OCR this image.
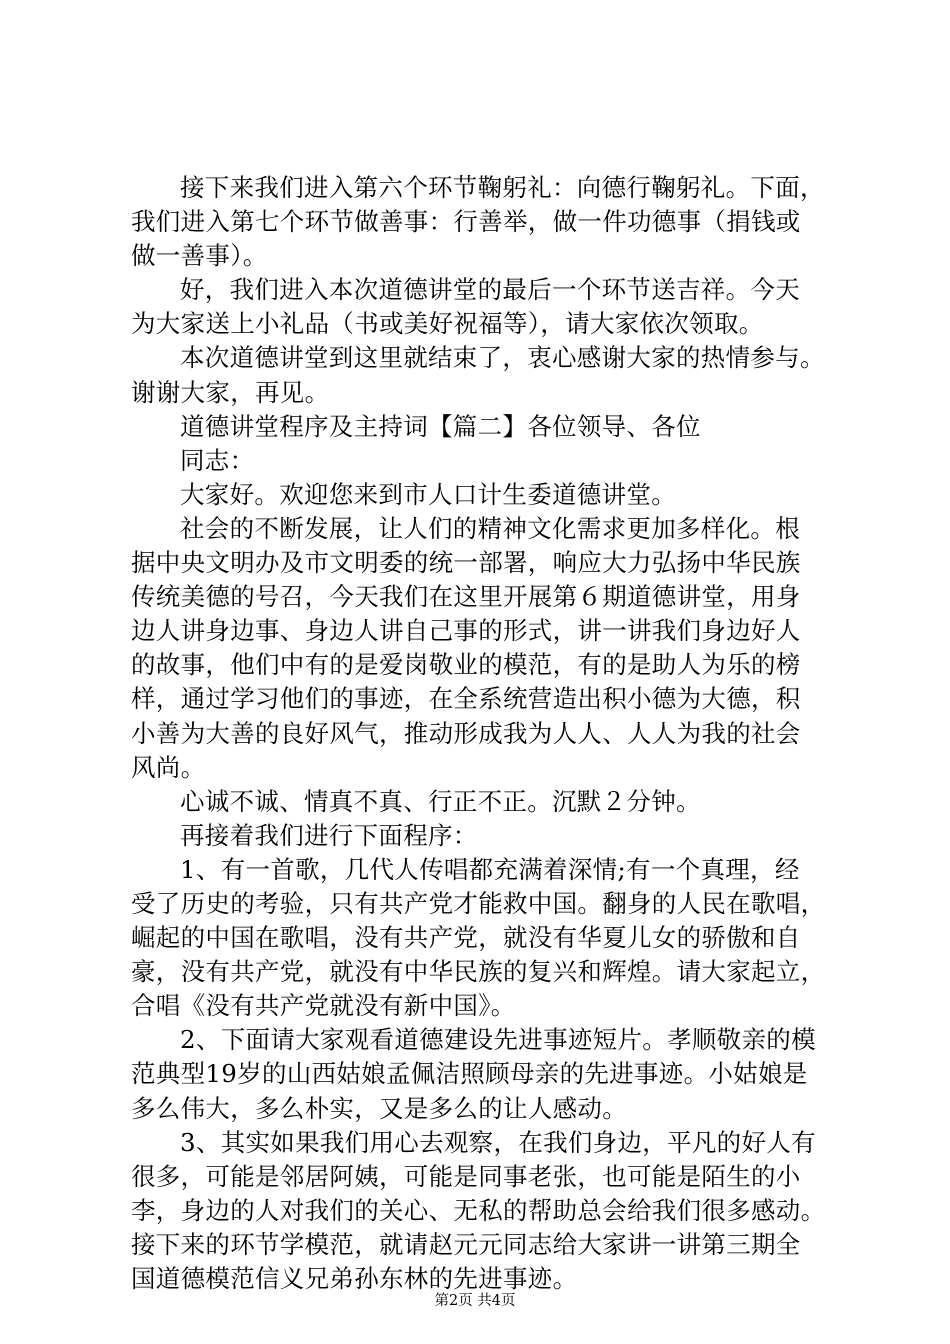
接下来我们进入第六个环节鞠躬礼：向德行鞠躬礼。下面，
我们进入第七个环节做善事：行善举，做一件功德事（捐钱或
做一善事）。

好，我们进入本次道德讲堂的最后一个环节送吉祥。今天
为大家送上小礼品（书或美好祝福等），请大家依次领取。

本次道德讲堂到这里就结束了，衷心感谢大家的热情参与。
谢谢大家，再见。

道德讲堂程序及主持词【篇二】各位领导、各位

同志：

大家好。欢迎您来到市人口计生委道德讲堂。

社会的不断发展，让人们的精神文化需求更加多样化。根
据中央文明办及市文明委的统一部署，响应大力弘扬中华民族
传统美德的号召，今天我们在这里开展第６期道德讲堂，用身
边人讲身边事、身边人讲自己事的形式，讲一讲我们身边好人
的故事，他们中有的是爱岗敬业的模范，有的是助人为乐的榜
样，通过学习他们的事迹，在全系统营造出积小德为大德，积
小善为大善的良好风气，推动形成我为人人、人人为我的社会
风尚。

心诚不诚、情真不真、行正不正。沉默２分钟。

再接着我们进行下面程序：

1、有一首歌，几代人传唱都充满着深情;有一个真理，经
受了历史的考验，只有共产党才能救中国。翻身的人民在歌唱，
崛起的中国在歌唱，没有共产党，就没有华夏儿女的骄傲和自
豪，没有共产党，就没有中华民族的复兴和辉煌。请大家起立，
合唱《没有共产党就没有新中国》。

2、下面请大家观看道德建设先进事迹短片。孝顺敬亲的模
范典型19岁的山西姑娘孟佩洁照顾母亲的先进事迹。小姑娘是
多么伟大，多么朴实，又是多么的让人感动。

3、其实如果我们用心去观察，在我们身边，平凡的好人有
很多，可能是邻居阿姨，可能是同事老张，也可能是陌生的小
李，身边的人对我们的关心、无私的帮助总会给我们很多感动。
接下来的环节学模范，就请赵元元同志给大家讲一讲第三期全
国道德模范信义兄弟孙东林的先进事迹。

第2页 共4页
